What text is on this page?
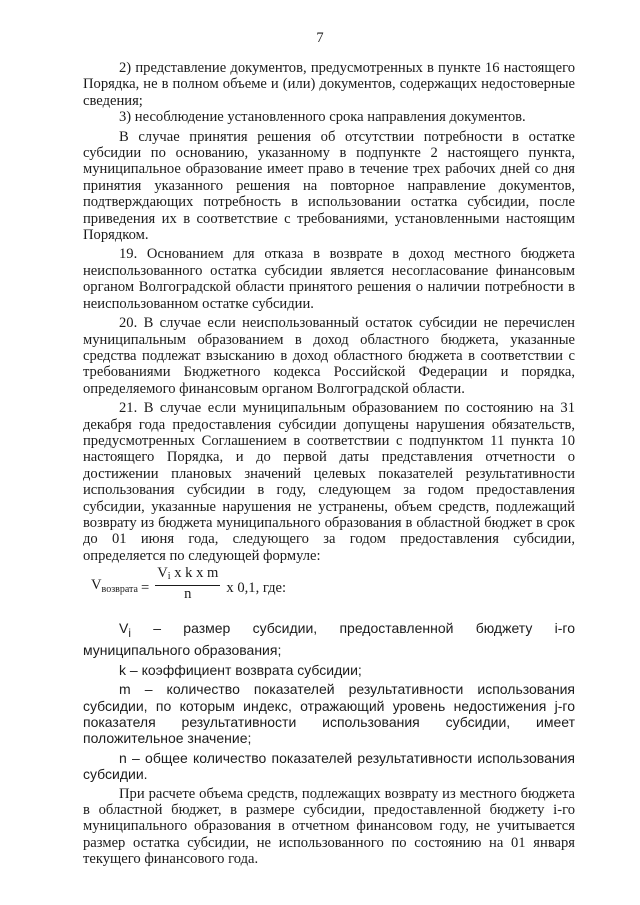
7

2) представление документов, предусмотренных в пункте 16 настоящего Порядка, не в полном объеме и (или) документов, содержащих недостоверные сведения;

3) несоблюдение установленного срока направления документов.

В случае принятия решения об отсутствии потребности в остатке субсидии по основанию, указанному в подпункте 2 настоящего пункта, муниципальное образование имеет право в течение трех рабочих дней со дня принятия указанного решения на повторное направление документов, подтверждающих потребность в использовании остатка субсидии, после приведения их в соответствие с требованиями, установленными настоящим Порядком.

19. Основанием для отказа в возврате в доход местного бюджета неиспользованного остатка субсидии является несогласование финансовым органом Волгоградской области принятого решения о наличии потребности в неиспользованном остатке субсидии.

20. В случае если неиспользованный остаток субсидии не перечислен муниципальным образованием в доход областного бюджета, указанные средства подлежат взысканию в доход областного бюджета в соответствии с требованиями Бюджетного кодекса Российской Федерации и порядка, определяемого финансовым органом Волгоградской области.

21. В случае если муниципальным образованием по состоянию на 31 декабря года предоставления субсидии допущены нарушения обязательств, предусмотренных Соглашением в соответствии с подпунктом 11 пункта 10 настоящего Порядка, и до первой даты представления отчетности о достижении плановых значений целевых показателей результативности использования субсидии в году, следующем за годом предоставления субсидии, указанные нарушения не устранены, объем средств, подлежащий возврату из бюджета муниципального образования в областной бюджет в срок до 01 июня года, следующего за годом предоставления субсидии, определяется по следующей формуле:

$V_{возврата} = \frac{V_i x k x m}{n}$ x 0,1, где:

$V_i$ – размер субсидии, предоставленной бюджету i-го муниципального образования;

k – коэффициент возврата субсидии;

m – количество показателей результативности использования субсидии, по которым индекс, отражающий уровень недостижения j-го показателя результативности использования субсидии, имеет положительное значение;

n – общее количество показателей результативности использования субсидии.

При расчете объема средств, подлежащих возврату из местного бюджета в областной бюджет, в размере субсидии, предоставленной бюджету i-го муниципального образования в отчетном финансовом году, не учитывается размер остатка субсидии, не использованного по состоянию на 01 января текущего финансового года.
